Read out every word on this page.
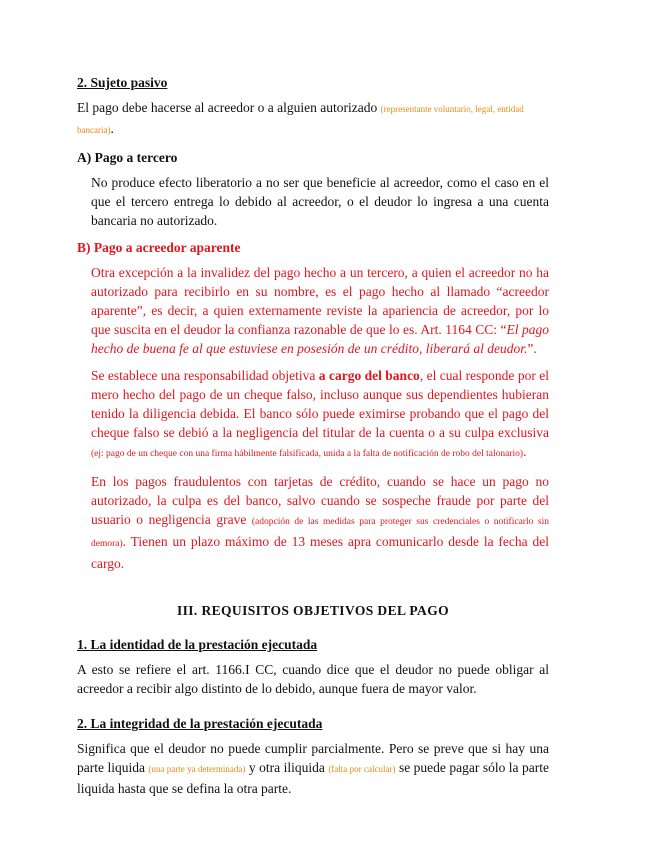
2. Sujeto pasivo

El pago debe hacerse al acreedor o a alguien autorizado (representante voluntario, legal, entidad bancaria).

A) Pago a tercero

No produce efecto liberatorio a no ser que beneficie al acreedor, como el caso en el que el tercero entrega lo debido al acreedor, o el deudor lo ingresa a una cuenta bancaria no autorizado.

B) Pago a acreedor aparente

Otra excepción a la invalidez del pago hecho a un tercero, a quien el acreedor no ha autorizado para recibirlo en su nombre, es el pago hecho al llamado “acreedor aparente”, es decir, a quien externamente reviste la apariencia de acreedor, por lo que suscita en el deudor la confianza razonable de que lo es. Art. 1164 CC: “El pago hecho de buena fe al que estuviese en posesión de un crédito, liberará al deudor.”.

Se establece una responsabilidad objetiva a cargo del banco, el cual responde por el mero hecho del pago de un cheque falso, incluso aunque sus dependientes hubieran tenido la diligencia debida. El banco sólo puede eximirse probando que el pago del cheque falso se debió a la negligencia del titular de la cuenta o a su culpa exclusiva (ej: pago de un cheque con una firma hábilmente falsificada, unida a la falta de notificación de robo del talonario).

En los pagos fraudulentos con tarjetas de crédito, cuando se hace un pago no autorizado, la culpa es del banco, salvo cuando se sospeche fraude por parte del usuario o negligencia grave (adopción de las medidas para proteger sus credenciales o notificarlo sin demora). Tienen un plazo máximo de 13 meses apra comunicarlo desde la fecha del cargo.

III. REQUISITOS OBJETIVOS DEL PAGO
1. La identidad de la prestación ejecutada

A esto se refiere el art. 1166.I CC, cuando dice que el deudor no puede obligar al acreedor a recibir algo distinto de lo debido, aunque fuera de mayor valor.

2. La integridad de la prestación ejecutada

Significa que el deudor no puede cumplir parcialmente. Pero se preve que si hay una parte liquida (una parte ya determinada) y otra iliquida (falta por calcular) se puede pagar sólo la parte liquida hasta que se defina la otra parte.
